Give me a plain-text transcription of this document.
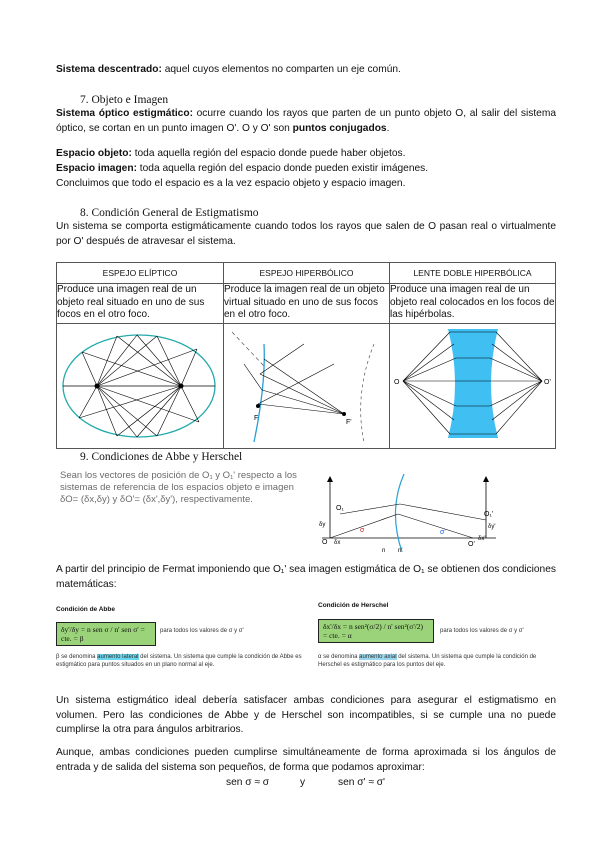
Sistema descentrado: aquel cuyos elementos no comparten un eje común.
7. Objeto e Imagen
Sistema óptico estigmático: ocurre cuando los rayos que parten de un punto objeto O, al salir del sistema óptico, se cortan en un punto imagen O'. O y O' son puntos conjugados.
Espacio objeto: toda aquella región del espacio donde puede haber objetos.
Espacio imagen: toda aquella región del espacio donde pueden existir imágenes.
Concluimos que todo el espacio es a la vez espacio objeto y espacio imagen.
8. Condición General de Estigmatismo
Un sistema se comporta estigmáticamente cuando todos los rayos que salen de O pasan real o virtualmente por O' después de atravesar el sistema.
ESPEJO ELÍPTICO	ESPEJO HIPERBÓLICO	LENTE DOBLE HIPERBÓLICA
Produce una imagen real de un objeto real situado en uno de sus focos en el otro foco.	Produce la imagen real de un objeto virtual situado en uno de sus focos en el otro foco.	Produce una imagen real de un objeto real colocados en los focos de las hipérbolas.

F
F'	O O'
9. Condiciones de Abbe y Herschel
Sean los vectores de posición de O₁ y O₁' respecto a los sistemas de referencia de los espacios objeto e imagen δO= (δx,δy) y δO'= (δx',δy'), respectivamente.
O	O'
O₁
O₁'
δx
δx'
δy	δy'
σ	σ'
n n'
A partir del principio de Fermat imponiendo que O₁' sea imagen estigmática de O₁ se obtienen dos condiciones matemáticas:
Condición de Abbe
δy'/δy = n sen σ / n' sen σ' = cte. = β
para todos los valores de σ y σ'
β se denomina aumento lateral del sistema. Un sistema que cumple la condición de Abbe es estigmático para puntos situados en un plano normal al eje.
Condición de Herschel
δx'/δx = n sen²(σ/2) / n' sen²(σ'/2) = cte. = α	para todos los valores de σ y σ'
α se denomina aumento axial del sistema. Un sistema que cumple la condición de Herschel es estigmático para los puntos del eje.
Un sistema estigmático ideal debería satisfacer ambas condiciones para asegurar el estigmatismo en volumen. Pero las condiciones de Abbe y de Herschel son incompatibles, si se cumple una no puede cumplirse la otra para ángulos arbitrarios.
Aunque, ambas condiciones pueden cumplirse simultáneamente de forma aproximada si los ángulos de entrada y de salida del sistema son pequeños, de forma que podamos aproximar:
sen σ ≈ σ	y	sen σ' ≈ σ'
